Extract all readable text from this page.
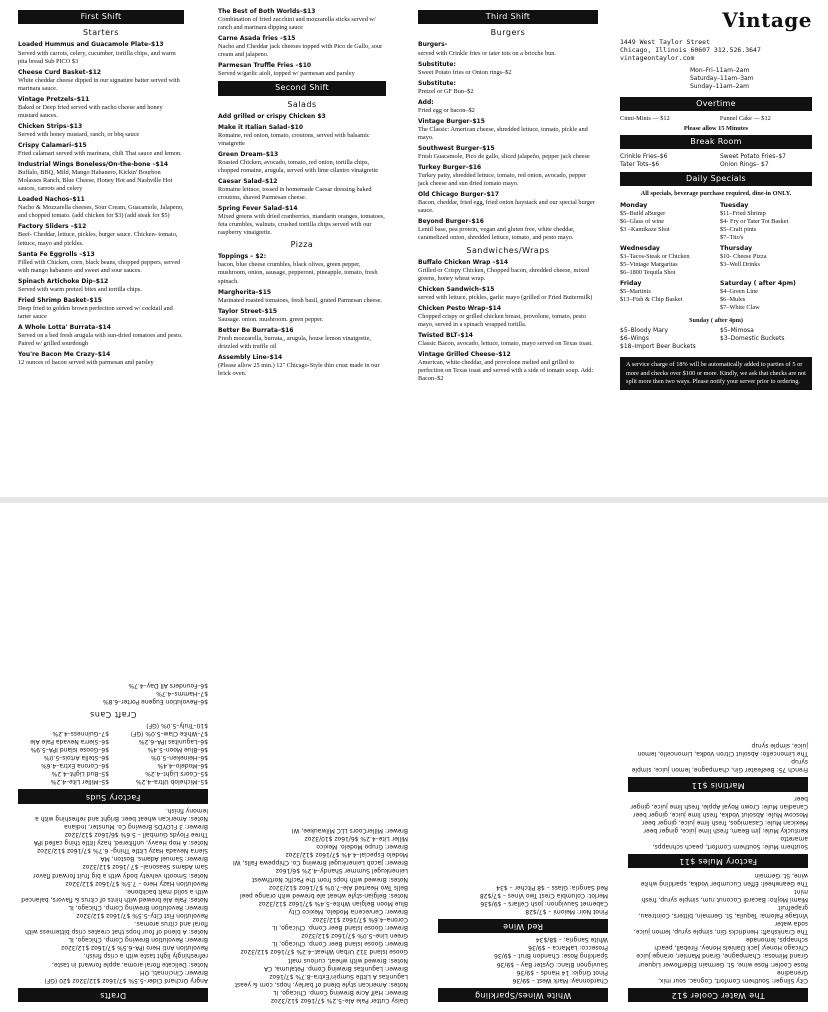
First Shift
Starters
Loaded Hummus and Guacamole Plate–$13
Served with carrots, celery, cucumber, tortilla chips, and warm pita bread Sub PICO $3
Cheese Curd Basket–$12
White cheddar cheese dipped in our signature batter served with marinara sauce.
Vintage Pretzels–$11
Baked or Deep fried served with nacho cheese and honey mustard sauces.
Chicken Strips–$13
Served with honey mustard, ranch, or bbq sauce
Crispy Calamari–$15
Fried calamari served with marinara, chili Thai sauce and lemon.
Industrial Wings Boneless/On-the-bone –$14
Buffalo, BBQ, Mild, Mango Habanero, Kickin' Bourbon Molasses Ranch, Blue Cheese, Honey Hot and Nashville Hot sauces, carrots and celery
Loaded Nachos–$11
Nacho & Mozzarella cheeses, Sour Cream, Guacamole, Jalapeno, and chopped tomato. (add chicken for $3) (add steak for $5)
Factory Sliders –$12
Beef- Cheddar, lettuce, pickles, burger sauce. Chicken- tomato, lettuce, mayo and pickles.
Santa Fe Eggrolls –$13
Filled with Chicken, corn, black beans, chopped peppers, served with mango habanero and sweet and sour sauces.
Spinach Artichoke Dip–$12
Served with warm pretzel bites and tortilla chips.
Fried Shrimp Basket–$15
Deep fried to golden brown perfection served w/ cocktail and tarter sauce
A Whole Lotta' Burrata–$14
Served on a bed fresh arugula with sun-dried tomatoes and pesto. Paired w/ grilled sourdough
You're Bacon Me Crazy–$14
12 ounces of bacon served with parmesan and parsley
The Best of Both Worlds–$13
Combination of fried zucchini and mozzarella sticks served w/ ranch and marinara dipping sauce
Carne Asada fries –$15
Nacho and Cheddar jack cheeses topped with Pico de Gallo, sour cream and jalapeno.
Parmesan Truffle Fries –$10
Served w/garlic aioli, topped w/ parmesan and parsley
Second Shift
Salads
Add grilled or crispy Chicken $3
Make it Italian Salad–$10
Romaine, red onion, tomato, croutons, served with balsamic vinaigrette
Green Dream–$13
Roasted Chicken, avocado, tomato, red onion, tortilla chips, chopped romaine, arugula, served with lime cilantro vinaigrette
Caesar Salad–$12
Romaine lettuce, tossed in homemade Caesar dressing baked croutons, shaved Parmesan cheese.
Spring Fever Salad–$14
Mixed greens with dried cranberries, mandarin oranges, tomatoes, feta crumbles, walnuts, crushed tortilla chips served with our raspberry vinaigrette.
Pizza
Toppings – $2:
bacon, blue cheese crumbles, black olives, green pepper, mushroom, onion, sausage, pepperoni, pineapple, tomato, fresh spinach.
Margherita–$15
Marinated roasted tomatoes, fresh basil, grated Parmesan cheese.
Taylor Street–$15
Sausage. onion. mushroom. green pepper.
Better Be Burrata–$16
Fresh mozzarella, burrata,, arugula, house lemon vinaigrette, drizzled with truffle oil
Assembly Line–$14
(Please allow 25 min.) 12" Chicago-Style thin crust made in our brick oven.
Third Shift
Burgers
Burgers-
served with Crinkle fries or tater tots on a brioche bun.
Substitute:
Sweet Potato fries or Onion rings–$2
Substitute:
Pretzel or GF Bun–$2
Add:
Fried egg or bacon–$2
Vintage Burger–$15
The Classic: American cheese, shredded lettuce, tomato, pickle and mayo.
Southwest Burger–$15
Fresh Guacamole, Pico de gallo, sliced jalapeño, pepper jack cheese
Turkey Burger–$16
Turkey patty, shredded lettuce, tomato, red onion, avocado, pepper jack cheese and sun dried tomato mayo.
Old Chicago Burger–$17
Bacon, cheddar, fried egg, fried onion haystack and our special burger sauce.
Beyond Burger–$16
Lentil base, pea protein, vegan and gluten free, white cheddar, caramelized onion, shredded lettuce, tomato, and pesto mayo.
Sandwiches/Wraps
Buffalo Chicken Wrap –$14
Grilled or Crispy Chicken, Chopped bacon, shredded cheese, mixed greens, honey wheat wrap.
Chicken Sandwich–$15
served with lettuce, pickles, garlic mayo (grilled or Fried Buttermilk)
Chicken Pesto Wrap–$14
Chopped crispy or grilled chicken breast, provolone, tomato, pesto mayo, served in a spinach wrapped tortilla.
Twisted BLT–$14
Classic Bacon, avocado, lettuce, tomato, mayo served on Texas toast.
Vintage Grilled Cheese–$12
American, white cheddar, and provolone melted and grilled to perfection on Texas toast and served with a side of tomato soup. Add: Bacon–$2
Vintage
1449 West Taylor Street
Chicago, Illinois 60607 312.526.3647
vintageontaylor.com
Mon–Fri–11am–2am
Saturday–11am–3am
Sunday–11am–2am
Overtime
Cinni-Minis — $12	Funnel Cake — $12
Please allow 15 Minutes
Break Room
Crinkle Fries–$6	Sweet Potato Fries–$7
Tater Tots–$6	Onion Rings– $7
Daily Specials
All specials, beverage purchase required, dine-in ONLY.
Monday
$5–Build aBurger
$6–Glass of wine
$3 –Kamikaze Shot
Tuesday
$11–Fried Shrimp
$4- Fry or Tater Tot Basket
$5–Craft pints
$7–Tito's
Wednesday
$3–Tacos-Steak or Chicken
$5–Vintage Margaritas
$6–1800 Tequila Shot
Thursday
$10- Cheese Pizza
$3–Well Drinks
Friday
$5–Martinis
$13–Fish & Chip Basket
Saturday ( after 4pm)
$4–Green Line
$6–Mules
$7–White Claw
Sunday ( after 4pm)
$5–Bloody Mary	$5–Mimosa
$6–Wings	$3–Domestic Buckets
$18–Import Beer Buckets
A service charge of 18% will be automatically added to parties of 5 or more and checks over $100 or more. Kindly, we ask that checks are not split more then two ways. Please notify your server prior to ordering.
The Water Cooler $12
City Slinger: Southern Comfort, Cognac, sour mix, Grenadine
Rose Cooler: Rose wine, St. Germain Elderflower Liqueur
Grand Mimosa: Champagne, Grand Marnier, orange juice
Chicago Honey: Jack Daniels Honey, Fireball, peach schnapps, lemonade
The Crankshaft: Hendricks Gin, simple syrup, lemon juice, soda water
Vintage Paloma: Tequila, St. Germain, bitters, Cointreau, grapefruit
Miami Mojito: Bacardi Coconut rum, simple syrup, fresh mint
The Gearwheel: Effen Cucumber Vodka, sparkling white wine, St. Germain
Factory Mules $11
Southern Mule: Southern Comfort, peach schnapps, amaretto
Kentucky Mule: Jim Beam, fresh lime juice, ginger beer
Mexican Mule: Casamigos, fresh lime juice, ginger beer
Moscow Mule: Absolut Vodka, fresh lime juice, ginger beer
Canadian Mule: Crown Royal Apple, fresh lime juice, ginger beer
Martinis $11
French 75: Beefeater Gin, champagne, lemon juice, simple syrup
The Limoncello: Absolut Citron Vodka, Limoncello, lemon juice, simple syrup
White Wines/Sparkling
Chardonnay: Mark West – $9/36
Pinot Grigio: 14 Hands – $9/36
Sauvignon Blanc: Oyster Bay – $9/36
Sparkling Rose: Chandon Brut – $9/36
Prosecco: LaMarca – $9/36
White Sangria: – $8/$34
Red Wine
Pinot Noir: Meiomi – $7/$28
Cabernet Sauvignon: Josh Cellars – $9/$36
Merlot: Columbia Crest Two Vines – $7/$28
Red Sangria: Glass – $8 Pitcher – $34
Daisy Cutter Pale Ale–5.2% $7/16oz $12/32oz
Brewer: Half Acre Brewing Comp. Chicago, IL
Notes: American style blend of barley, hops, corn & yeast
Lagunitas A Little Sumpin'Extra–8.7% $7/16oz
Brewer: Lagunitas Brewing Comp. Petaluma, CA
Notes: Brewed with wheat, curious malt
Goose Island 312 Urban Wheat–4.2% $7/16oz $12/32oz
Brewer: Goose Island Beer Comp. Chicago, IL
Green Line–5.0% $7/16oz $12/32oz
Brewer: Goose Island Beer Comp. Chicago, IL
Corona–4.6% $7/16oz $12/32oz
Brewer: Cerveceria Modelo, Mexico City
Blue Moon Belgian White–5.4% $7/16oz $12/32oz
Notes: Belgian-style wheat ale brewed with orange peel
Bells Two Hearted Ale–7.0% $7/16oz $12/32oz
Notes: Brewed with hops from the Pacific Northwest
Leinenkugel Summer Shandy–4.2% $6/16oz
Brewer: Jacob Leinenkugel Brewing Co. Chippewa Falls, WI
Modelo Especial–4.4% $7/16oz $12/32oz
Brewer: Grupo Modelo. Mexico
Miller Lite–4.2% $6/16oz $10/32oz
Brewer: MillerCoors LLC Milwaukee, WI
Drafts
Angry Orchard Cider–5.5% $7/16oz $12/32oz $20 (GF)
Brewer: Cincinnati, OH
Notes: Delicate floral aroma, apple forward in taste, refreshingly light taste with a crisp finish.
Revolution Anti Hero IPA–6.5% $7/16oz $12/32oz
Brewer: Revolution Brewing Comp. Chicago, IL
Notes: A blend of four hops that creates crisp bitterness with floral and citrus aromas.
Revolution Fist City–5.5% $7/16oz $12/32oz
Brewer: Revolution Brewing Comp. Chicago, IL
Notes: Pale Ale brewed with hints of citrus & flavors, balanced with a solid malt backbone.
Revolution Hazy Hero – 7.5% $7/16oz $12/32oz
Notes: Smooth velvety body with a big fruit forward flavor
Sam Adams Seasonal– $7 /16oz $12/32oz
Brewer: Samuel Adams. Boston, MA
Sierra Nevada Hazy Little Thing– 6.7% $7/16oz $12/32oz
Notes: A Hop Heavy, unfiltered, hazy little thing called IPA
Three Floyds Gumball – 5.6% $6/16oz $12/32oz
Brewer: 3 FLOYDS Brewing Co. Munster, Indiana
Notes: American wheat beer. Bright and refreshing with a lemony finish.
Factory Suds
$5–Michelob Ultra–4.2%
$5–Miller Lite–4.2%
$5–Coors Light–4.2%
$5–Bud Light–4.2%
$6–Modelo–4.4%
$6–Corona Extra–4.6%
$6–Heineken–5.0%
$6–Stella Artois–5.0%
$6–Blue Moon–5.4%
$6–Goose Island IPA–5.9%
$6–Lagunitas IPA–6.2%
$6–Sierra Nevada Pale Ale
$7–White Claw–5.0% (GF)
$7–Guinness–4.2%
$10–Truly–5.0% (GF)
Craft Cans
$6–Revolution Eugene Porter–6.8%
$7–Hamms–4.7%
$6–Founders All Day–4.7%
